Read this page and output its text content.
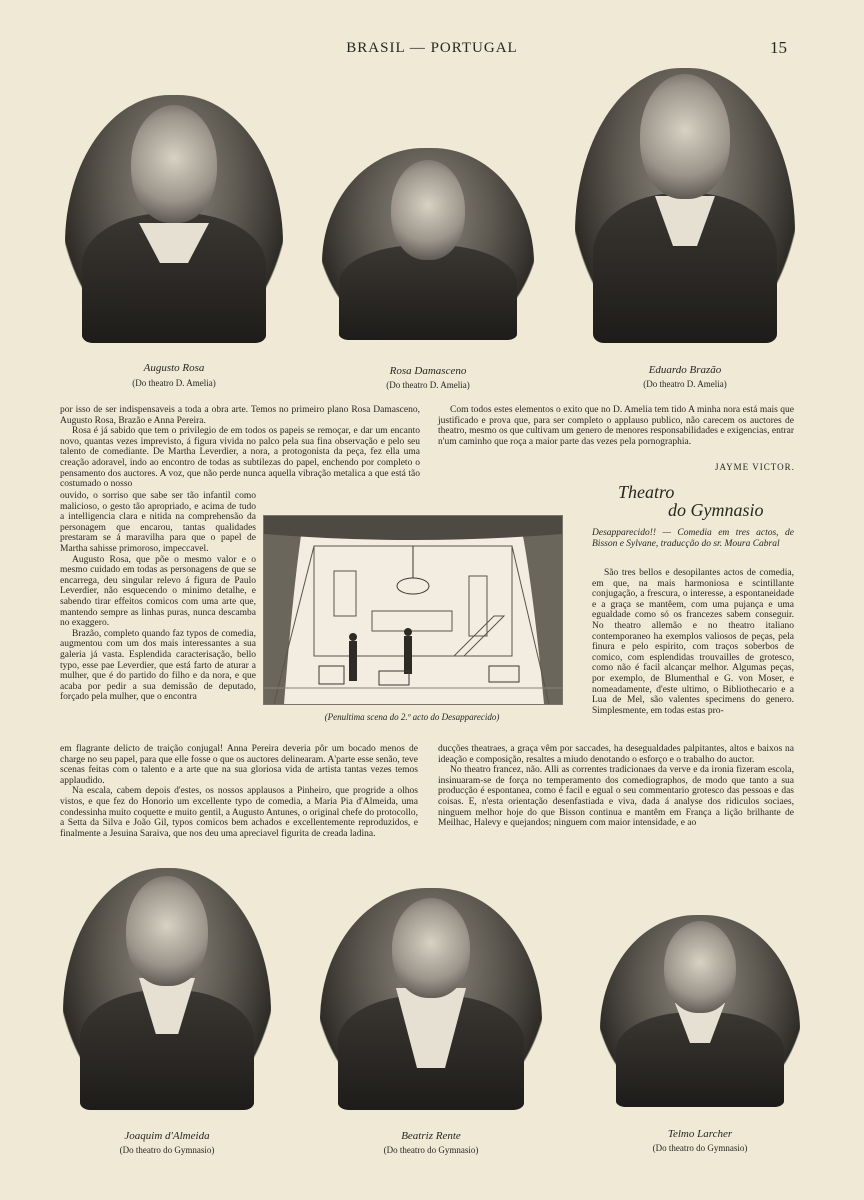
BRASIL — PORTUGAL	15
Augusto Rosa
(Do theatro D. Amelia)
Rosa Damasceno
(Do theatro D. Amelia)
Eduardo Brazão
(Do theatro D. Amelia)

por isso de ser indispensaveis a toda a obra arte. Temos no primeiro plano Rosa Damasceno, Augusto Rosa, Brazão e Anna Pereira.

Rosa é já sabido que tem o privilegio de em todos os papeis se remoçar, e dar um encanto novo, quantas vezes imprevisto, á figura vivida no palco pela sua fina observação e pelo seu talento de comediante. De Martha Leverdier, a nora, a protogonista da peça, fez ella uma creação adoravel, indo ao encontro de todas as subtilezas do papel, enchendo por completo o pensamento dos auctores. A voz, que não perde nunca aquella vibração metalica a que está tão costumado o nosso

ouvido, o sorriso que sabe ser tão infantil como malicioso, o gesto tão apropriado, e acima de tudo a intelligencia clara e nitida na comprehensão da personagem que encarou, tantas qualidades prestaram se á maravilha para que o papel de Martha sahisse primoroso, impeccavel.

Augusto Rosa, que põe o mesmo valor e o mesmo cuidado em todas as personagens de que se encarrega, deu singular relevo á figura de Paulo Leverdier, não esquecendo o minimo detalhe, e sabendo tirar effeitos comicos com uma arte que, mantendo sempre as linhas puras, nunca descamba no exaggero.

Brazão, completo quando faz typos de comedia, augmentou com um dos mais interessantes a sua galeria já vasta. Esplendida caracterisação, bello typo, esse pae Leverdier, que está farto de aturar a mulher, que é do partido do filho e da nora, e que acaba por pedir a sua demissão de deputado, forçado pela mulher, que o encontra

em flagrante delicto de traição conjugal! Anna Pereira deveria pôr um bocado menos de charge no seu papel, para que elle fosse o que os auctores delinearam. A'parte esse senão, teve scenas feitas com o talento e a arte que na sua gloriosa vida de artista tantas vezes temos applaudido.

Na escala, cabem depois d'estes, os nossos applausos a Pinheiro, que progride a olhos vistos, e que fez do Honorio um excellente typo de comedia, a Maria Pia d'Almeida, uma condessinha muito coquette e muito gentil, a Augusto Antunes, o original chefe do protocollo, a Setta da Silva e João Gil, typos comicos bem achados e excellentemente reproduzidos, e finalmente a Jesuina Saraiva, que nos deu uma apreciavel figurita de creada ladina.

Com todos estes elementos o exito que no D. Amelia tem tido A minha nora está mais que justificado e prova que, para ser completo o applauso publico, não carecem os auctores de theatro, mesmo os que cultivam um genero de menores responsabilidades e exigencias, entrar n'um caminho que roça a maior parte das vezes pela pornographia.

JAYME VICTOR.
Theatro
do Gymnasio

Desapparecido!! — Comedia em tres actos, de Bisson e Sylvane, traducção do sr. Moura Cabral

São tres bellos e desopilantes actos de comedia, em que, na mais harmoniosa e scintillante conjugação, a frescura, o interesse, a espontaneidade e a graça se mantêem, com uma pujança e uma egualdade como só os francezes sabem conseguir. No theatro allemão e no theatro italiano contemporaneo ha exemplos valiosos de peças, pela finura e pelo espirito, com traços soberbos de comico, com esplendidas trouvailles de grotesco, como não é facil alcançar melhor. Algumas peças, por exemplo, de Blumenthal e G. von Moser, e nomeadamente, d'este ultimo, o Bibliothecario e a Lua de Mel, são valentes specimens do genero. Simplesmente, em todas estas pro-

ducções theatraes, a graça vêm por saccades, ha desegualdades palpitantes, altos e baixos na ideação e composição, resaltes a miudo denotando o esforço e o trabalho do auctor.

No theatro francez, não. Alli as correntes tradicionaes da verve e da ironia fizeram escola, insinuaram-se de força no temperamento dos comediographos, de modo que tanto a sua producção é espontanea, como é facil e egual o seu commentario grotesco das pessoas e das coisas. E, n'esta orientação desenfastiada e viva, dada á analyse dos ridiculos sociaes, ninguem melhor hoje do que Bisson continua e mantêm em França a lição brilhante de Meilhac, Halevy e quejandos; ninguem com maior intensidade, e ao

(Penultima scena do 2.º acto do Desapparecido)
Joaquim d'Almeida
(Do theatro do Gymnasio)
Beatriz Rente
(Do theatro do Gymnasio)
Telmo Larcher
(Do theatro do Gymnasio)
